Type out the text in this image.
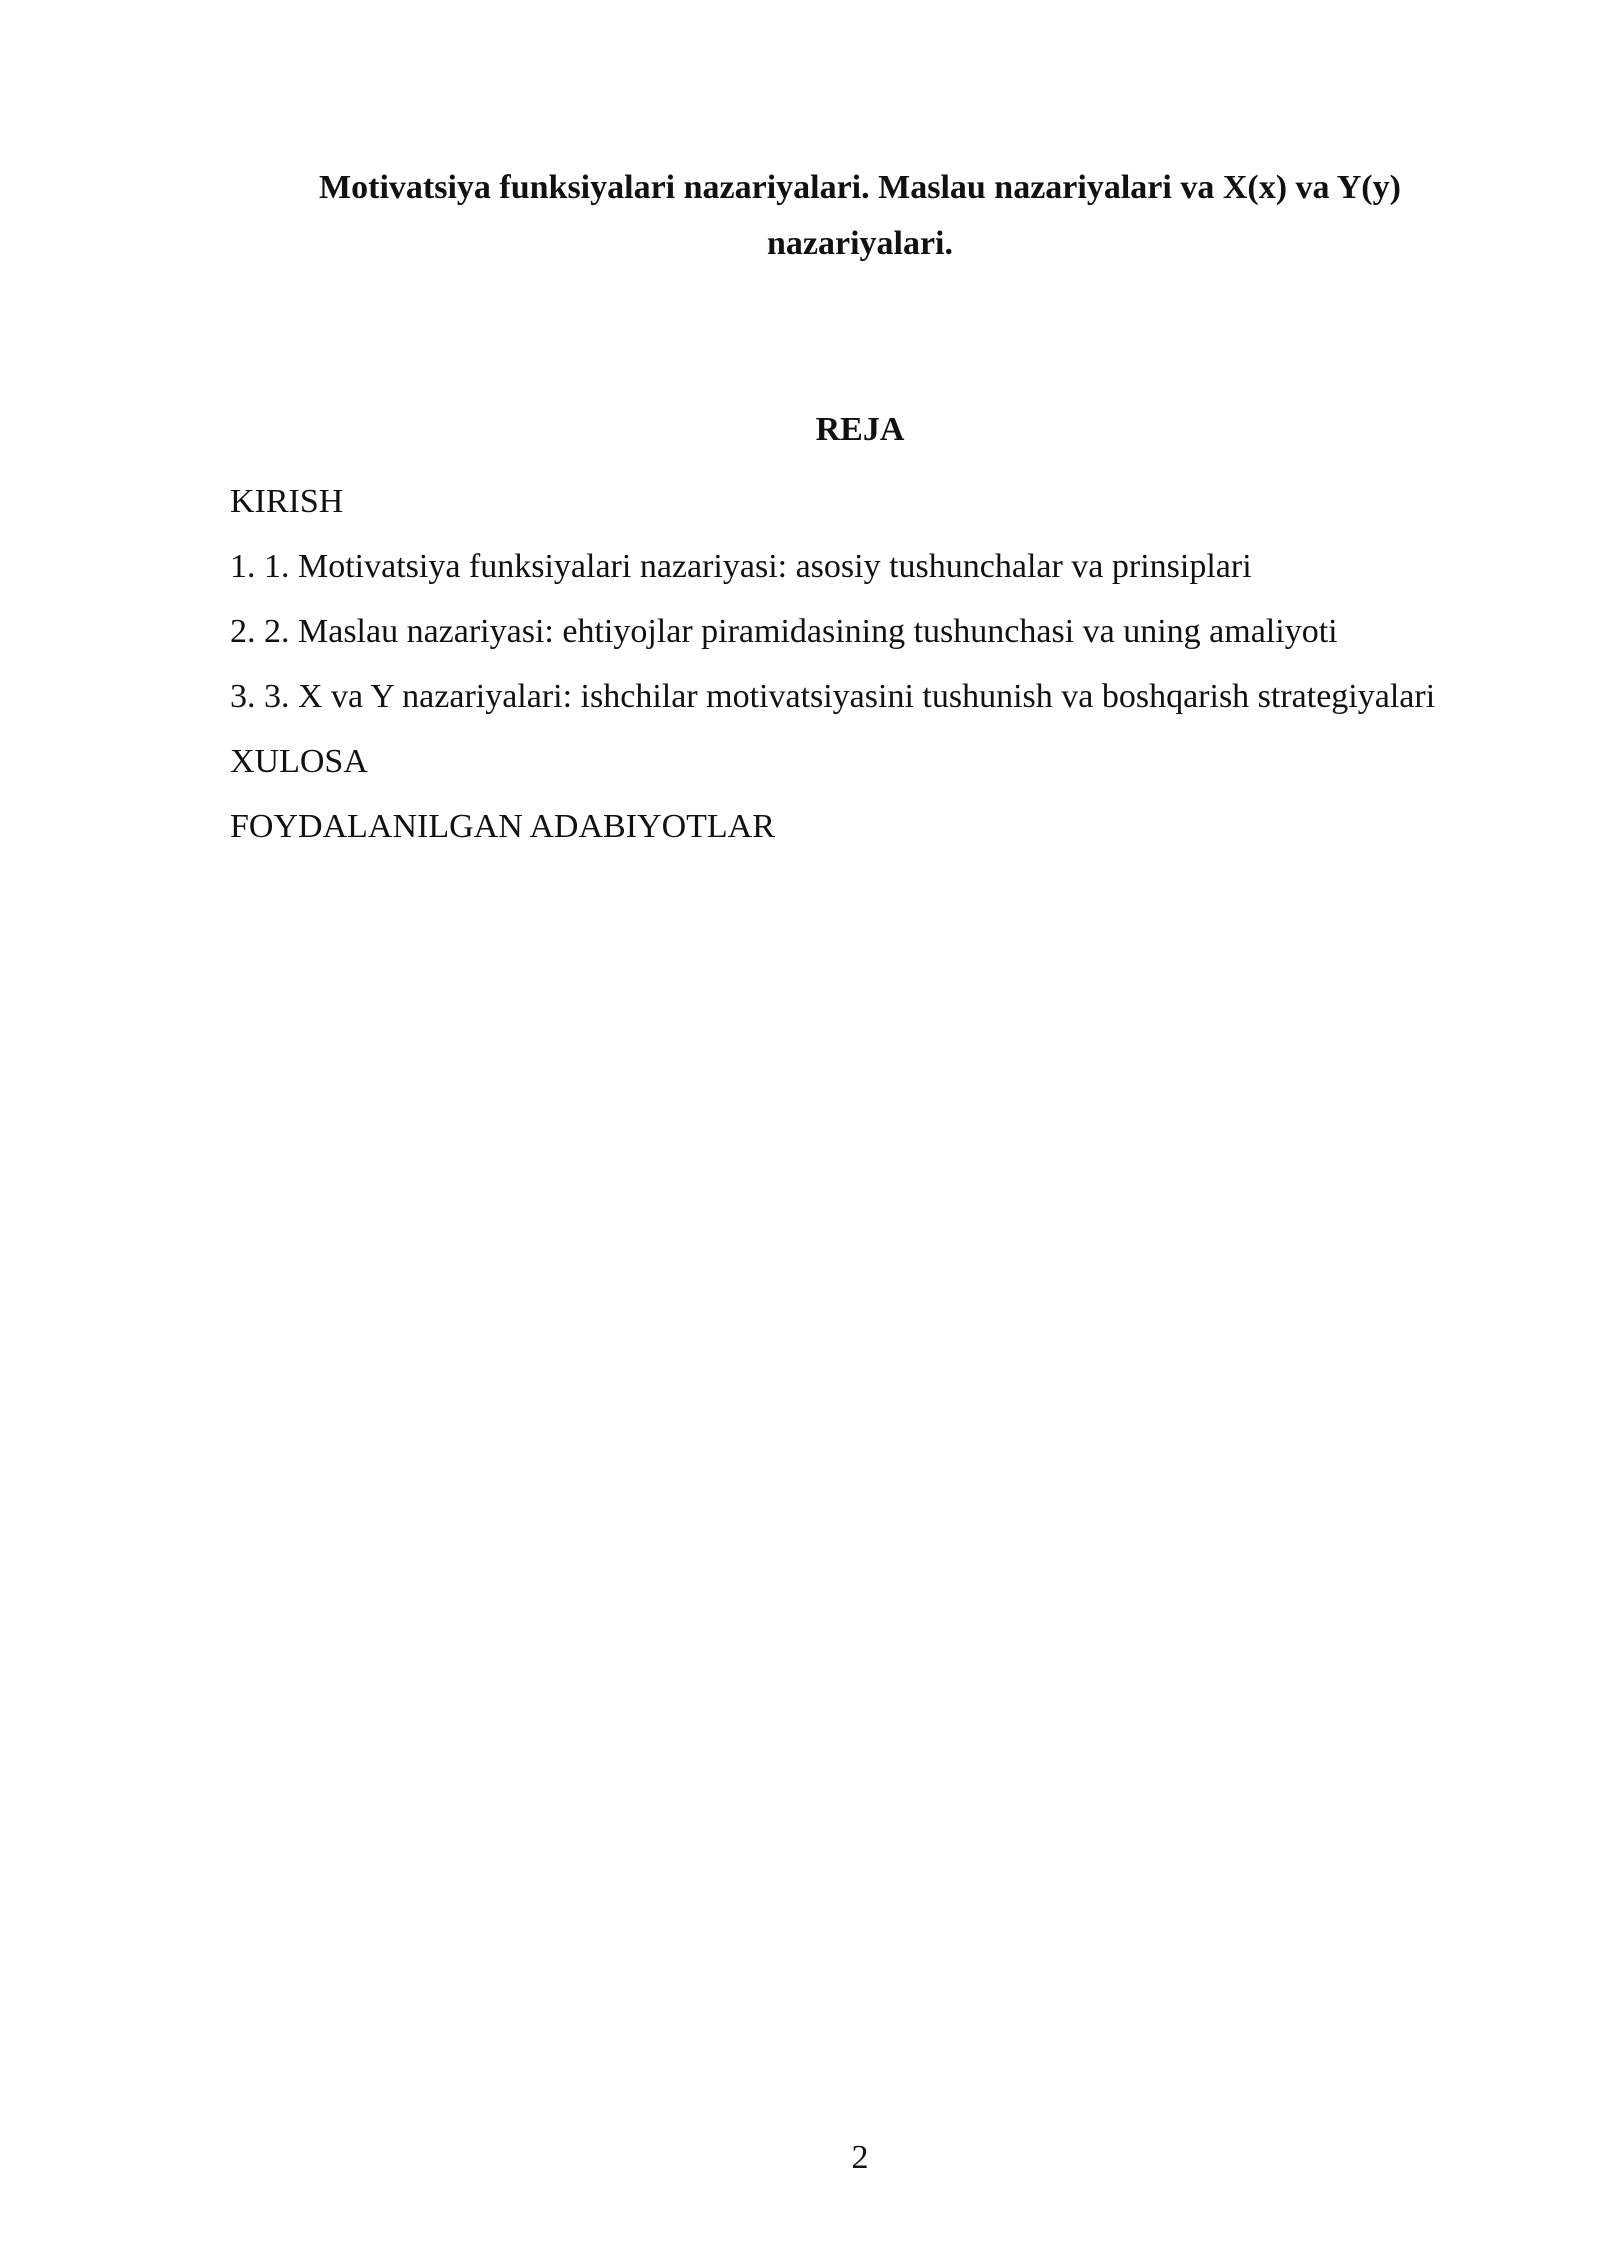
Motivatsiya funksiyalari nazariyalari. Maslau nazariyalari va X(x) va Y(y) nazariyalari.
REJA
KIRISH
1. 1. Motivatsiya funksiyalari nazariyasi: asosiy tushunchalar va prinsiplari
2. 2. Maslau nazariyasi: ehtiyojlar piramidasining tushunchasi va uning amaliyoti
3. 3. X va Y nazariyalari: ishchilar motivatsiyasini tushunish va boshqarish strategiyalari
XULOSA
FOYDALANILGAN ADABIYOTLAR
2
